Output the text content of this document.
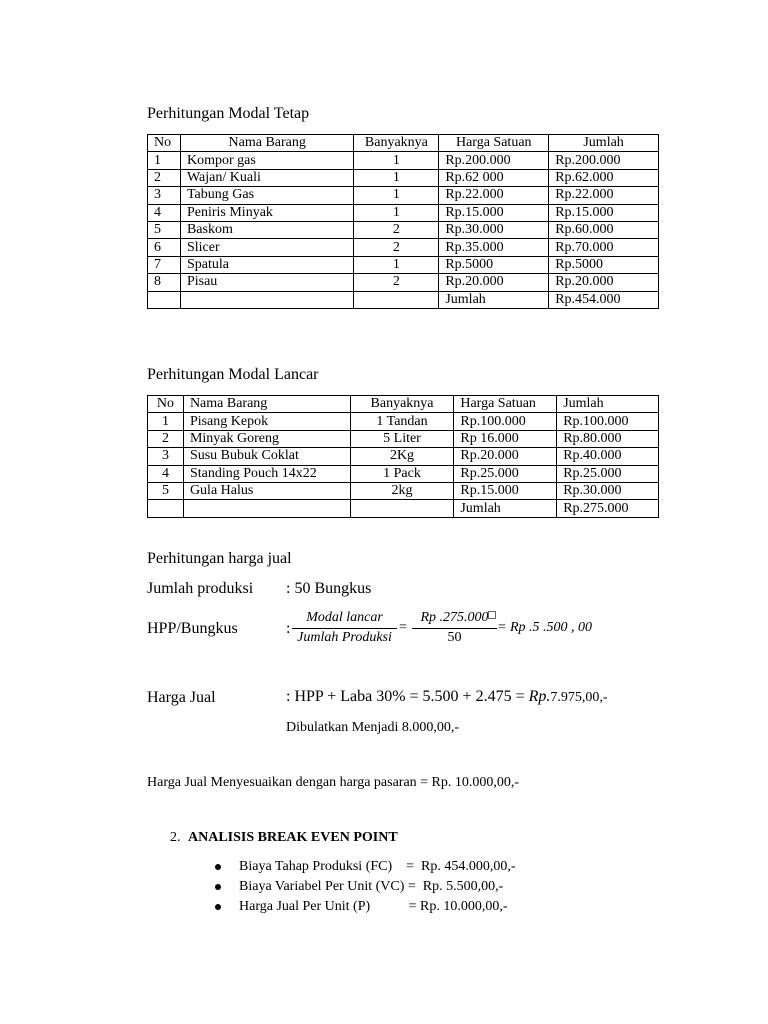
Perhitungan Modal Tetap
No	Nama Barang	Banyaknya	Harga Satuan	Jumlah
1	Kompor gas	1	Rp.200.000	Rp.200.000
2	Wajan/ Kuali	1	Rp.62 000	Rp.62.000
3	Tabung Gas	1	Rp.22.000	Rp.22.000
4	Peniris Minyak	1	Rp.15.000	Rp.15.000
5	Baskom	2	Rp.30.000	Rp.60.000
6	Slicer	2	Rp.35.000	Rp.70.000
7	Spatula	1	Rp.5000	Rp.5000
8	Pisau	2	Rp.20.000	Rp.20.000
			Jumlah	Rp.454.000
Perhitungan Modal Lancar
No	Nama Barang	Banyaknya	Harga Satuan	Jumlah
1	Pisang Kepok	1 Tandan	Rp.100.000	Rp.100.000
2	Minyak Goreng	5 Liter	Rp 16.000	Rp.80.000
3	Susu Bubuk Coklat	2Kg	Rp.20.000	Rp.40.000
4	Standing Pouch 14x22	1 Pack	Rp.25.000	Rp.25.000
5	Gula Halus	2kg	Rp.15.000	Rp.30.000
			Jumlah	Rp.275.000
Perhitungan harga jual
Jumlah produksi : 50 Bungkus
HPP/Bungkus	:
Modal lancar
Jumlah Produksi
=
Rp .275.000
50
= Rp .5 .500 , 00
Harga Jual	: HPP + Laba 30% = 5.500 + 2.475 = Rp.7.975,00,-
Dibulatkan Menjadi 8.000,00,-
Harga Jual Menyesuaikan dengan harga pasaran = Rp. 10.000,00,-
2. ANALISIS BREAK EVEN POINT
Biaya Tahap Produksi (FC)    =  Rp. 454.000,00,-
Biaya Variabel Per Unit (VC) =  Rp. 5.500,00,-
Harga Jual Per Unit (P)           = Rp. 10.000,00,-
